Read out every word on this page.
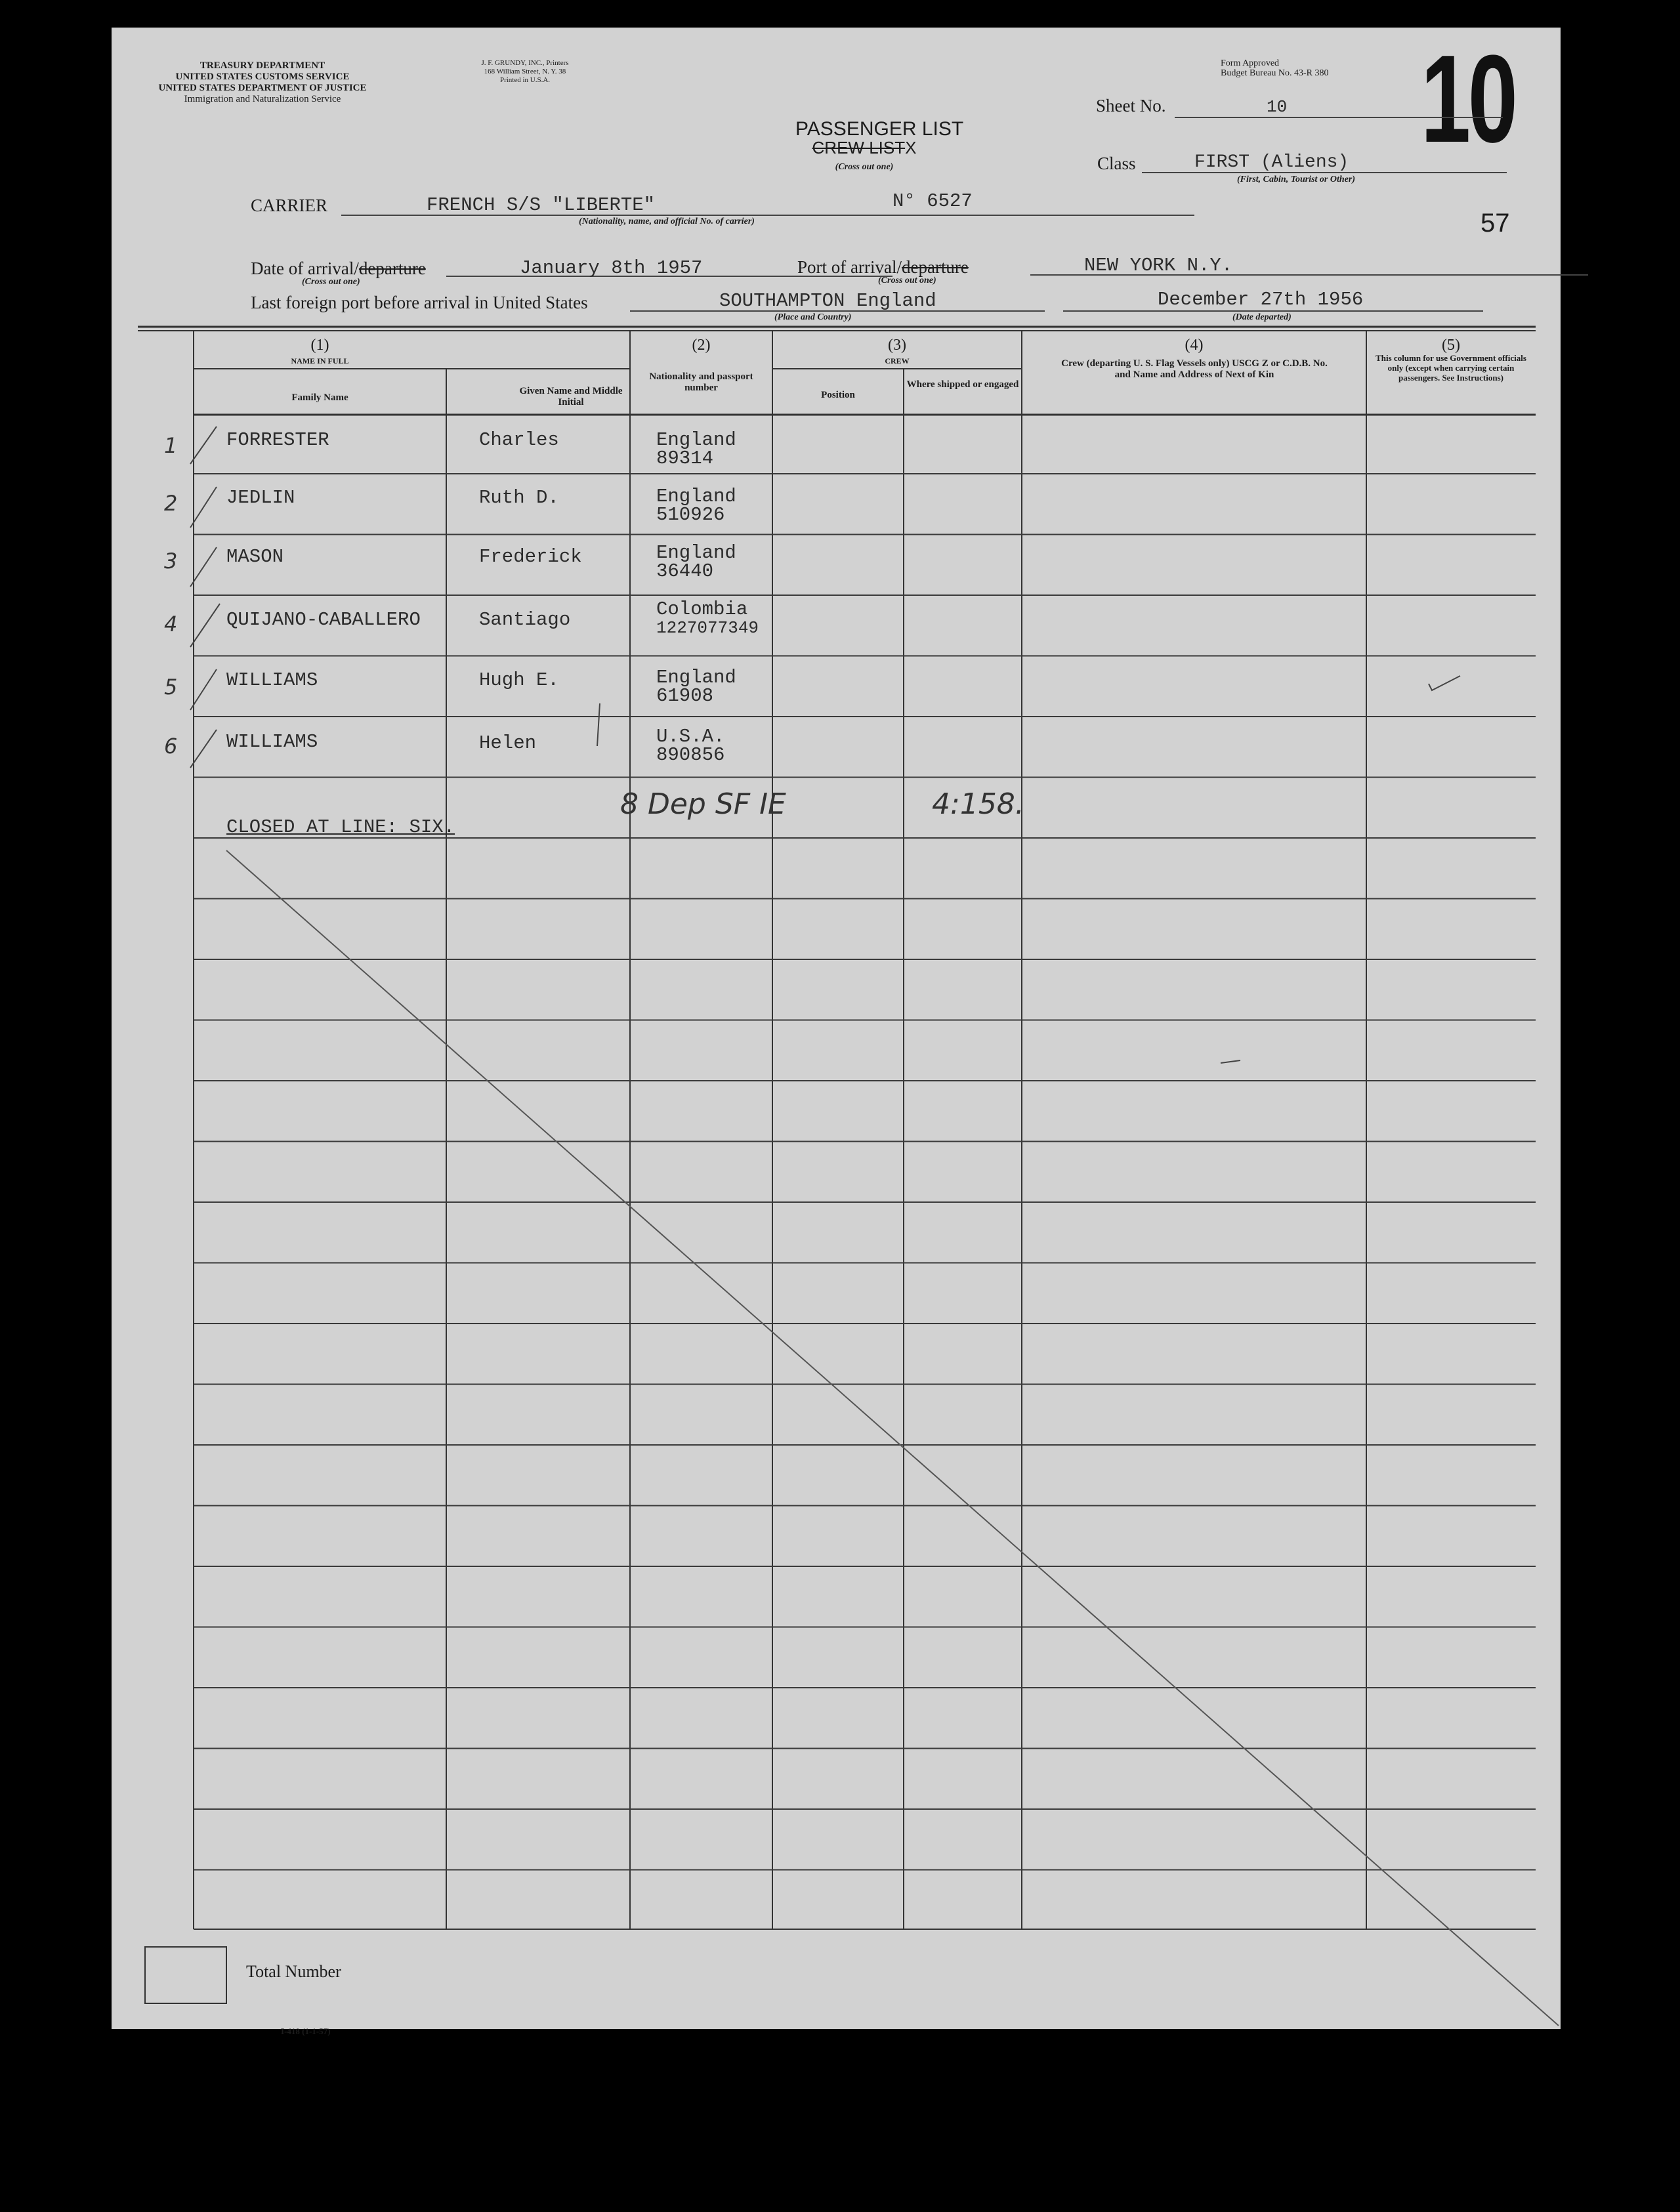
TREASURY DEPARTMENT
UNITED STATES CUSTOMS SERVICE
UNITED STATES DEPARTMENT OF JUSTICE
Immigration and Naturalization Service
J. F. GRUNDY, INC., Printers
168 William Street, N. Y. 38
Printed in U.S.A.
Form Approved
Budget Bureau No. 43-R 380 10
PASSENGER LIST
CREW LISTX
(Cross out one)
Sheet No.	10
Class	FIRST (Aliens)
(First, Cabin, Tourist or Other)
57
CARRIER	FRENCH S/S "LIBERTE"	N° 6527
(Nationality, name, and official No. of carrier)
Date of arrival/departure	January 8th 1957
(Cross out one)
Port of arrival/departure	NEW YORK N.Y.
(Cross out one)
Last foreign port before arrival in United States	SOUTHAMPTON England
(Place and Country)
December 27th 1956
(Date departed)
(1)
NAME IN FULL
Family Name
Given Name and Middle Initial
(2)
Nationality and passport number
(3)
CREW
Position
Where shipped or engaged
(4)
Crew (departing U. S. Flag Vessels only) USCG Z or C.D.B. No. and Name and Address of Next of Kin
(5)
This column for use Government officials only (except when carrying certain passengers. See Instructions)
1	FORRESTER	Charles	England
89314
2	JEDLIN	Ruth D.	England
510926
3	MASON	Frederick	England
36440
4	QUIJANO-CABALLERO	Santiago	Colombia
1227077349
5	WILLIAMS	Hugh E.	England
61908
6	WILLIAMS	Helen	U.S.A.
890856
CLOSED AT LINE: SIX.
8 Dep SF IE	4:158.
Total Number
I-418 (1-1-57)
